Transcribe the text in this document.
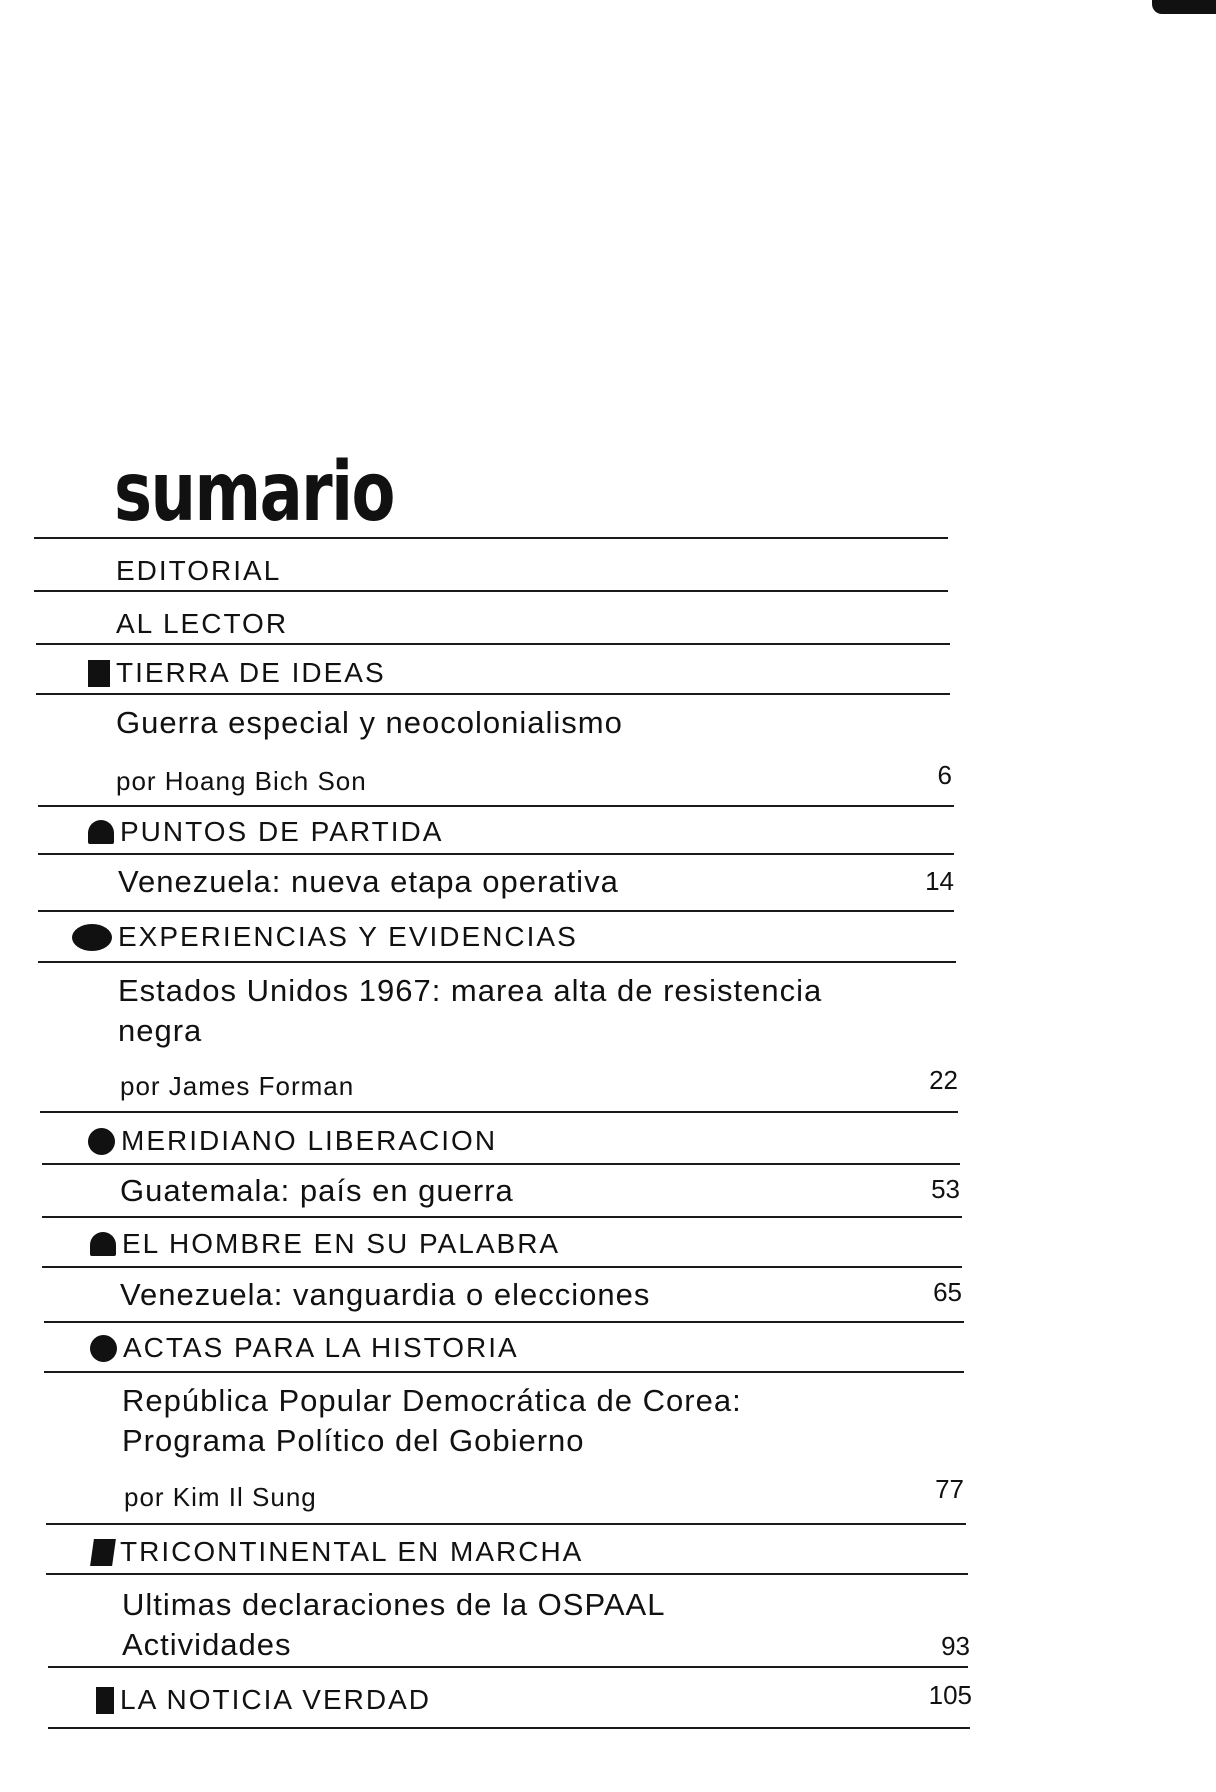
sumario
EDITORIAL
AL LECTOR
TIERRA DE IDEAS
Guerra especial y neocolonialismo
por Hoang Bich Son	6
PUNTOS DE PARTIDA
Venezuela: nueva etapa operativa	14
EXPERIENCIAS Y EVIDENCIAS
Estados Unidos 1967: marea alta de resistencia
negra
por James Forman	22
MERIDIANO LIBERACION
Guatemala: país en guerra	53
EL HOMBRE EN SU PALABRA
Venezuela: vanguardia o elecciones	65
ACTAS PARA LA HISTORIA
República Popular Democrática de Corea:
Programa Político del Gobierno
por Kim Il Sung	77
TRICONTINENTAL EN MARCHA
Ultimas declaraciones de la OSPAAL
Actividades	93
LA NOTICIA VERDAD	105
